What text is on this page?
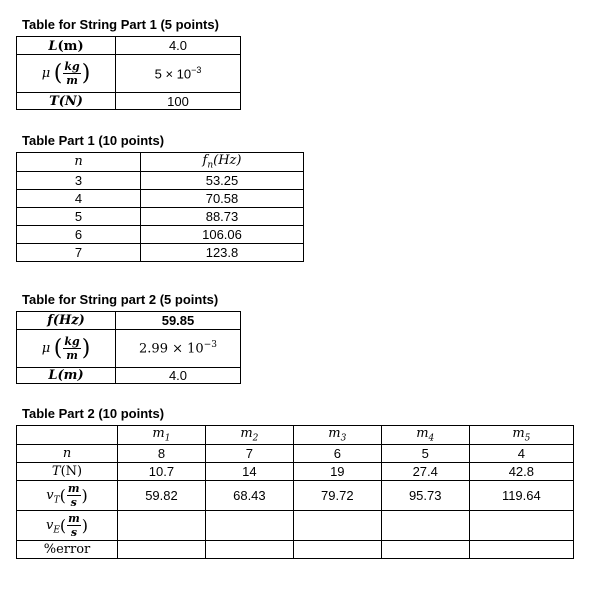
Table for String Part 1 (5 points)
L(m)	4.0
μ ( $\frac{kg}{m}$ )	$5 \times 10^{-3}$
T(N)	100
Table Part 1 (10 points)
n	$f_n(Hz)$
3	53.25
4	70.58
5	88.73
6	106.06
7	123.8
Table for String part 2 (5 points)
f(Hz)	59.85
μ ( $\frac{kg}{m}$ )	$2.99 \times 10^{-3}$
L(m)	4.0
Table Part 2 (10 points)
	$m_1$	$m_2$	$m_3$	$m_4$	$m_5$
n	8	7	6	5	4
T(N)	10.7	14	19	27.4	42.8
$v_T( \frac{m}{s}$ )	59.82	68.43	79.72	95.73	119.64
$v_E( \frac{m}{s}$ )					
%error					
